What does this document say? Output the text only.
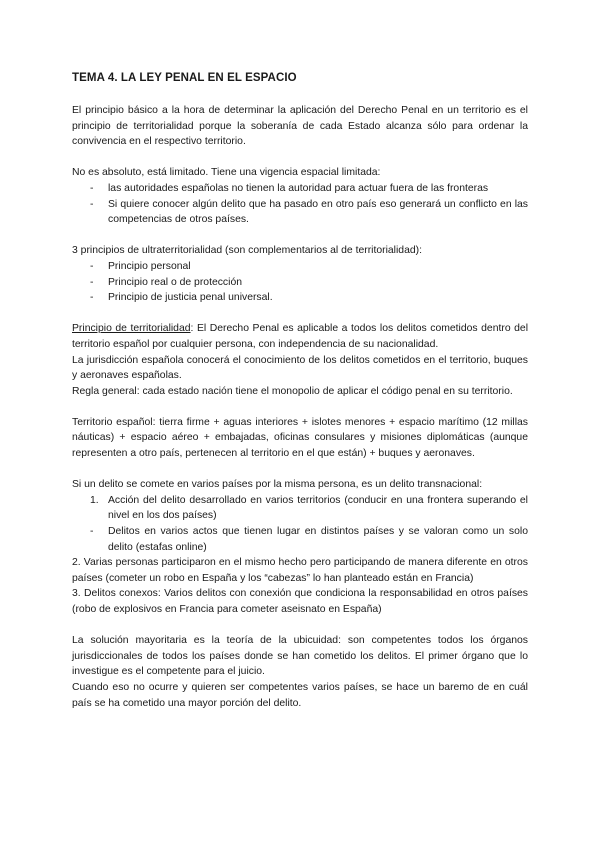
TEMA 4. LA LEY PENAL EN EL ESPACIO

El principio básico a la hora de determinar la aplicación del Derecho Penal en un territorio es el principio de territorialidad porque la soberanía de cada Estado alcanza sólo para ordenar la convivencia en el respectivo territorio.

No es absoluto, está limitado. Tiene una vigencia espacial limitada:

- las autoridades españolas no tienen la autoridad para actuar fuera de las fronteras
- Si quiere conocer algún delito que ha pasado en otro país eso generará un conflicto en las competencias de otros países.

3 principios de ultraterritorialidad (son complementarios al de territorialidad):

- Principio personal
- Principio real o de protección
- Principio de justicia penal universal.

Principio de territorialidad: El Derecho Penal es aplicable a todos los delitos cometidos dentro del territorio español por cualquier persona, con independencia de su nacionalidad.

La jurisdicción española conocerá el conocimiento de los delitos cometidos en el territorio, buques y aeronaves españolas.

Regla general: cada estado nación tiene el monopolio de aplicar el código penal en su territorio.

Territorio español: tierra firme + aguas interiores + islotes menores + espacio marítimo (12 millas náuticas) + espacio aéreo + embajadas, oficinas consulares y misiones diplomáticas (aunque representen a otro país, pertenecen al territorio en el que están) + buques y aeronaves.

Si un delito se comete en varios países por la misma persona, es un delito transnacional:

1. Acción del delito desarrollado en varios territorios (conducir en una frontera superando el nivel en los dos países)
- Delitos en varios actos que tienen lugar en distintos países y se valoran como un solo delito (estafas online)

2. Varias personas participaron en el mismo hecho pero participando de manera diferente en otros países (cometer un robo en España y los “cabezas” lo han planteado están en Francia)

3. Delitos conexos: Varios delitos con conexión que condiciona la responsabilidad en otros países (robo de explosivos en Francia para cometer aseisnato en España)

La solución mayoritaria es la teoría de la ubicuidad: son competentes todos los órganos jurisdiccionales de todos los países donde se han cometido los delitos. El primer órgano que lo investigue es el competente para el juicio.

Cuando eso no ocurre y quieren ser competentes varios países, se hace un baremo de en cuál país se ha cometido una mayor porción del delito.
